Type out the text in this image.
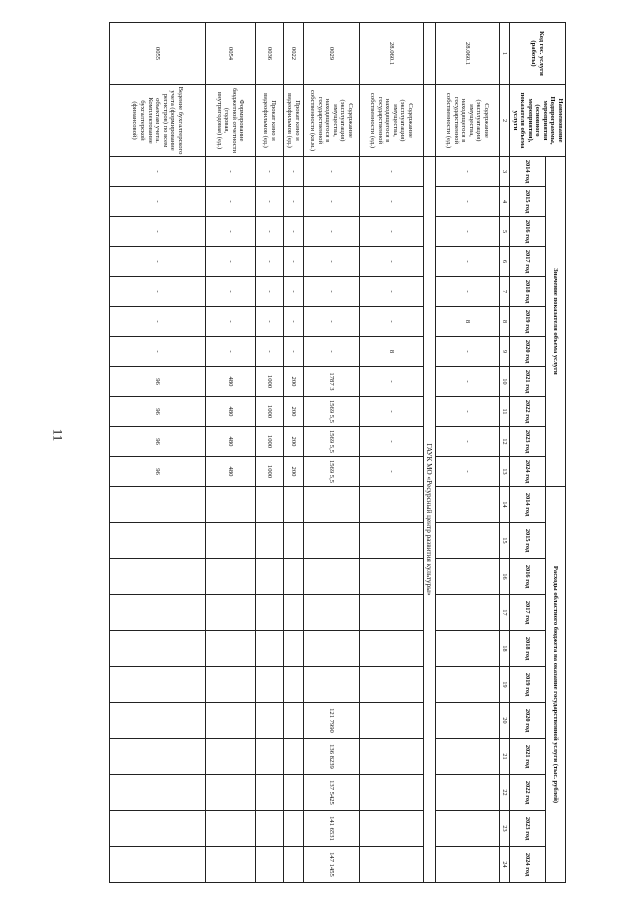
11
Код гос. услуги (работы)	Наименование Подпрограммы, мероприятия (основного мероприятия), показателя объема услуги	Значение показателя объема услуги											Расходы областного бюджета на оказание государственной услуги (тыс. рублей)										
		2014 год	2015 год	2016 год	2017 год	2018 год	2019 год	2020 год	2021 год	2022 год	2023 год	2024 год	2014 год	2015 год	2016 год	2017 год	2018 год	2019 год	2020 год	2021 год	2022 год	2023 год	2024 год
1	2	3	4	5	6	7	8	9	10	11	12	13	14	15	16	17	18	19	20	21	22	23	24
28.060.1	Содержание (эксплуатация) имущества, находящегося в государственной собственности (ед.)	-	-	-	-	-	8	-	-	-	-	-											
		ГАУК МО «Ресурсный центр развития культуры»																					
28.060.1	Содержание (эксплуатация) имущества, находящегося в государственной собственности (ед.)	-	-	-	-	-	-	8	-	-	-	-											
0029	Содержание (эксплуатация) имущества, находящегося в государственной собственности (кв.м.)	-	-	-	-	-	-	-	1787 3	1569 5,5	1569 5,5	1569 5,5							121 7990	136 8239	137 5425	141 6531	147 1455
0022	Прокат кино и видеофильмов (ед.)	-	-	-	-	-	-	-	200	200	200	200											
0036	Прокат кино и видеофильмов (ед.)	-	-	-	-	-	-	-	1000	1000	1000	1000											
0054	Формирование бюджетной отчетности (годовая, внутригодовая) (ед.)	-	-	-	-	-	-	-	480	480	480	480											
0055	Ведение бухгалтерского учета (формирование регистров) по всем объектам учета. Комплектование бухгалтерской (финансовой)	-	-	-	-	-	-	-	96	96	96	96											
